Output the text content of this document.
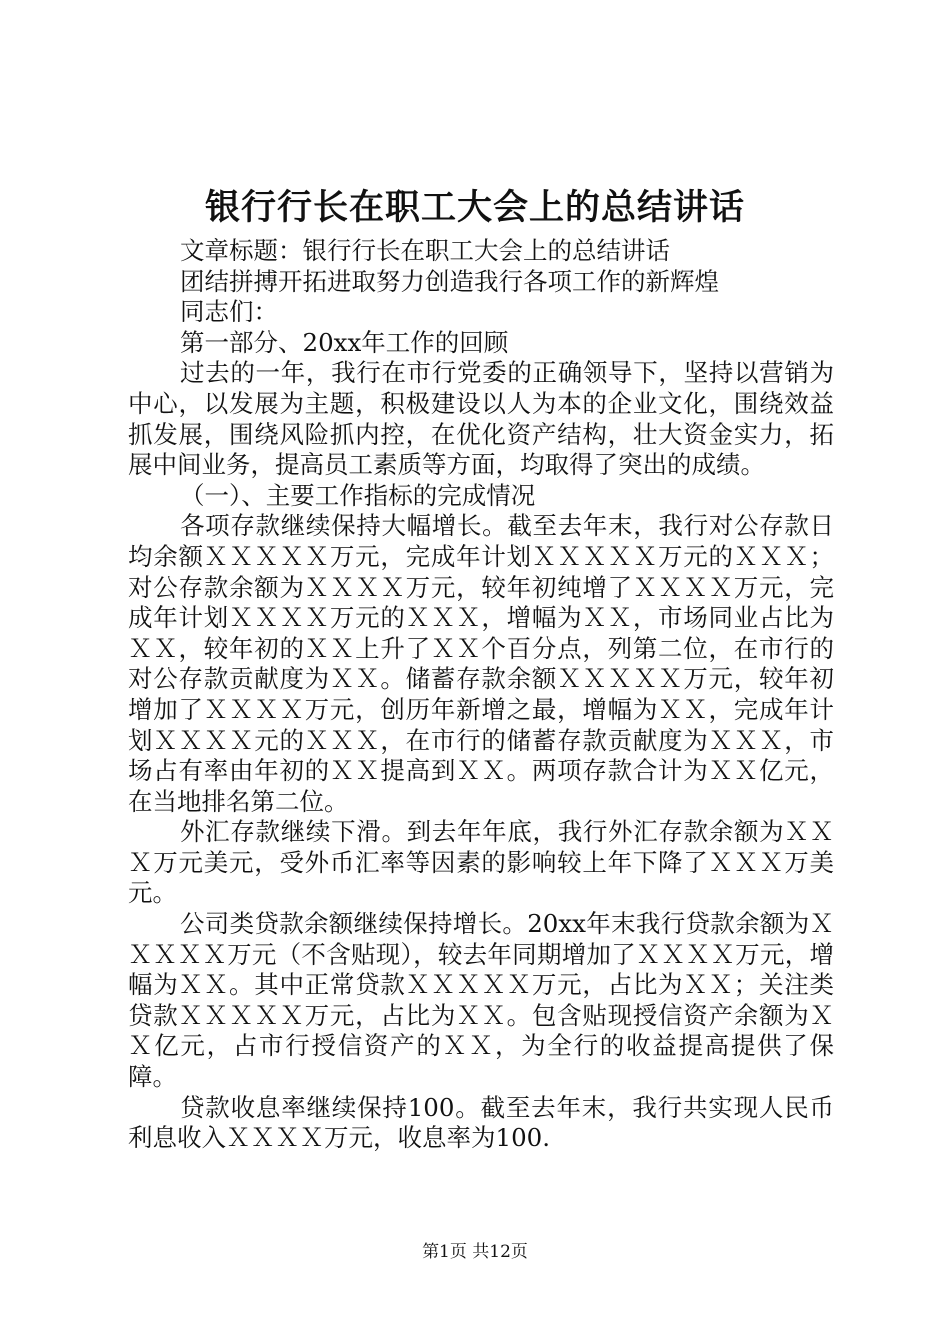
银行行长在职工大会上的总结讲话

文章标题：银行行长在职工大会上的总结讲话

团结拼搏开拓进取努力创造我行各项工作的新辉煌

同志们：

第一部分、20xx年工作的回顾

过去的一年，我行在市行党委的正确领导下，坚持以营销为中心，以发展为主题，积极建设以人为本的企业文化，围绕效益抓发展，围绕风险抓内控，在优化资产结构，壮大资金实力，拓展中间业务，提高员工素质等方面，均取得了突出的成绩。

（一）、主要工作指标的完成情况

各项存款继续保持大幅增长。截至去年末，我行对公存款日均余额ＸＸＸＸＸ万元，完成年计划ＸＸＸＸＸ万元的ＸＸＸ；对公存款余额为ＸＸＸＸ万元，较年初纯增了ＸＸＸＸ万元，完成年计划ＸＸＸＸ万元的ＸＸＸ，增幅为ＸＸ，市场同业占比为ＸＸ，较年初的ＸＸ上升了ＸＸ个百分点，列第二位，在市行的对公存款贡献度为ＸＸ。储蓄存款余额ＸＸＸＸＸ万元，较年初增加了ＸＸＸＸ万元，创历年新增之最，增幅为ＸＸ，完成年计划ＸＸＸＸ元的ＸＸＸ，在市行的储蓄存款贡献度为ＸＸＸ，市场占有率由年初的ＸＸ提高到ＸＸ。两项存款合计为ＸＸ亿元，在当地排名第二位。

外汇存款继续下滑。到去年年底，我行外汇存款余额为ＸＸＸ万元美元，受外币汇率等因素的影响较上年下降了ＸＸＸ万美元。

公司类贷款余额继续保持增长。20xx年末我行贷款余额为ＸＸＸＸＸ万元（不含贴现），较去年同期增加了ＸＸＸＸ万元，增幅为ＸＸ。其中正常贷款ＸＸＸＸＸ万元，占比为ＸＸ；关注类贷款ＸＸＸＸＸ万元，占比为ＸＸ。包含贴现授信资产余额为ＸＸ亿元，占市行授信资产的ＸＸ，为全行的收益提高提供了保障。

贷款收息率继续保持100。截至去年末，我行共实现人民币利息收入ＸＸＸＸ万元，收息率为100.

第1页 共12页
